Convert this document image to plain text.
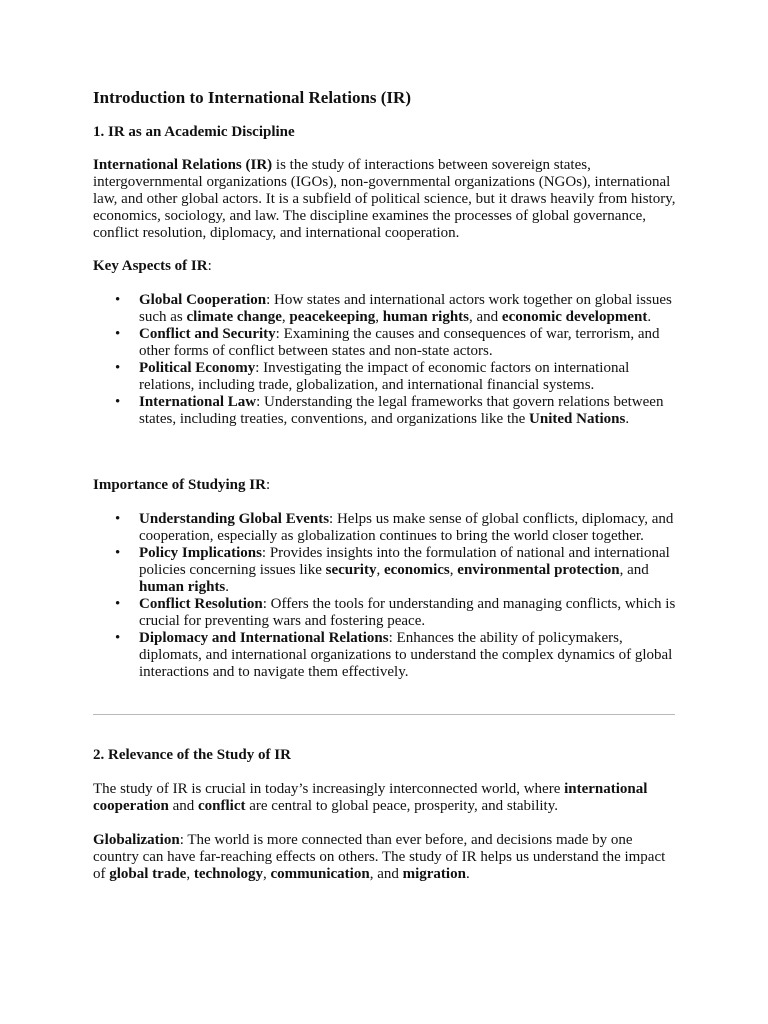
Introduction to International Relations (IR)

1. IR as an Academic Discipline

International Relations (IR) is the study of interactions between sovereign states, intergovernmental organizations (IGOs), non-governmental organizations (NGOs), international law, and other global actors. It is a subfield of political science, but it draws heavily from history, economics, sociology, and law. The discipline examines the processes of global governance, conflict resolution, diplomacy, and international cooperation.

Key Aspects of IR:

• Global Cooperation: How states and international actors work together on global issues such as climate change, peacekeeping, human rights, and economic development.
• Conflict and Security: Examining the causes and consequences of war, terrorism, and other forms of conflict between states and non-state actors.
• Political Economy: Investigating the impact of economic factors on international relations, including trade, globalization, and international financial systems.
• International Law: Understanding the legal frameworks that govern relations between states, including treaties, conventions, and organizations like the United Nations.

Importance of Studying IR:

• Understanding Global Events: Helps us make sense of global conflicts, diplomacy, and cooperation, especially as globalization continues to bring the world closer together.
• Policy Implications: Provides insights into the formulation of national and international policies concerning issues like security, economics, environmental protection, and human rights.
• Conflict Resolution: Offers the tools for understanding and managing conflicts, which is crucial for preventing wars and fostering peace.
• Diplomacy and International Relations: Enhances the ability of policymakers, diplomats, and international organizations to understand the complex dynamics of global interactions and to navigate them effectively.

2. Relevance of the Study of IR

The study of IR is crucial in today’s increasingly interconnected world, where international cooperation and conflict are central to global peace, prosperity, and stability.

Globalization: The world is more connected than ever before, and decisions made by one country can have far-reaching effects on others. The study of IR helps us understand the impact of global trade, technology, communication, and migration.
